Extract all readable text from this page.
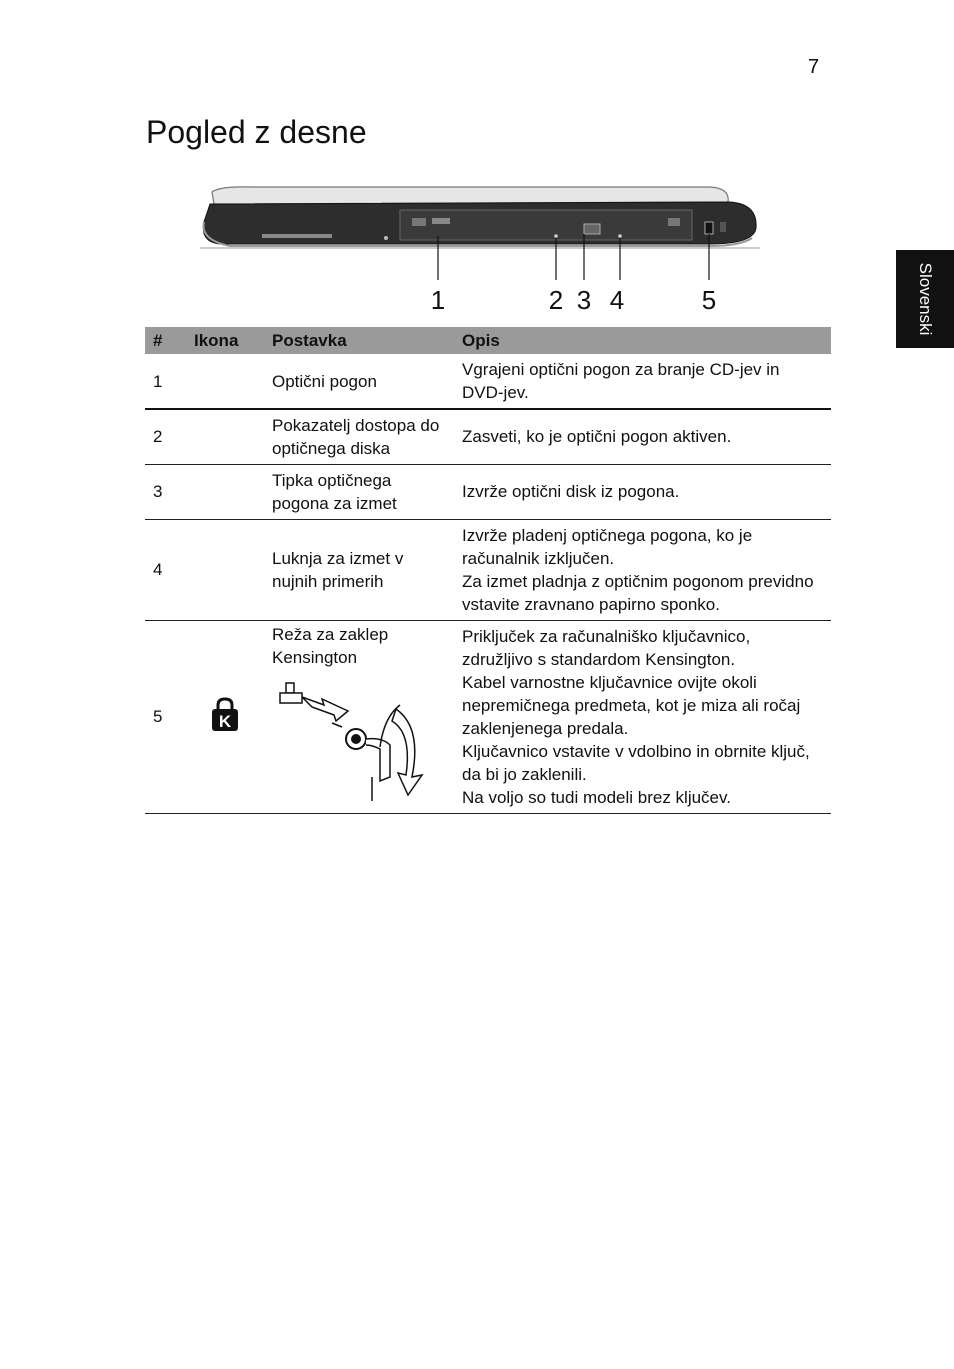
7
Pogled z desne
Slovenski
1	2 3 4	5
#	Ikona	Postavka	Opis
1		Optični pogon	Vgrajeni optični pogon za branje CD-jev in DVD-jev.

2		Pokazatelj dostopa do optičnega diska	Zasveti, ko je optični pogon aktiven.

3		Tipka optičnega pogona za izmet	Izvrže optični disk iz pogona.

4		Luknja za izmet v nujnih primerih	Izvrže pladenj optičnega pogona, ko je računalnik izključen.
Za izmet pladnja z optičnim pogonom previdno vstavite zravnano papirno sponko.

5	K	Reža za zaklep Kensington	Priključek za računalniško ključavnico, združljivo s standardom Kensington.
Kabel varnostne ključavnice ovijte okoli nepremičnega predmeta, kot je miza ali ročaj zaklenjenega predala.
Ključavnico vstavite v vdolbino in obrnite ključ, da bi jo zaklenili.
Na voljo so tudi modeli brez ključev.
